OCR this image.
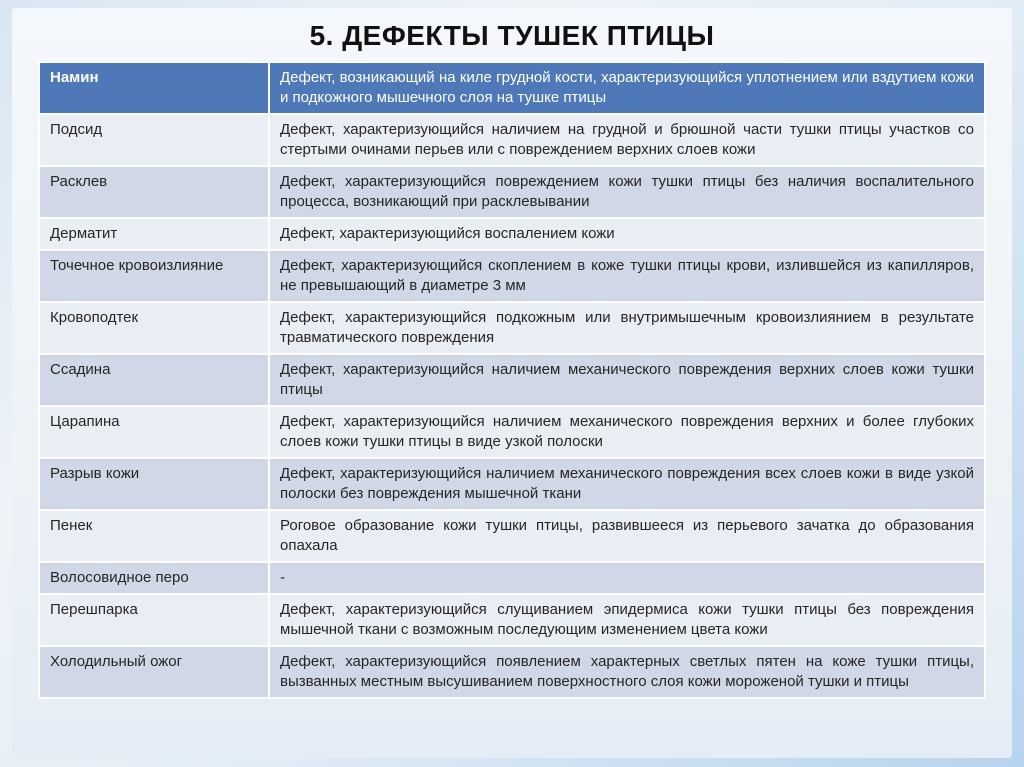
5. ДЕФЕКТЫ ТУШЕК ПТИЦЫ
Намин	Дефект, возникающий на киле грудной кости, характеризующийся уплотнением или вздутием кожи и подкожного мышечного слоя на тушке птицы
Подсид	Дефект, характеризующийся наличием на грудной и брюшной части тушки птицы участков со стертыми очинами перьев или с повреждением верхних слоев кожи
Расклев	Дефект, характеризующийся повреждением кожи тушки птицы без наличия воспалительного процесса, возникающий при расклевывании
Дерматит	Дефект, характеризующийся воспалением кожи
Точечное кровоизлияние	Дефект, характеризующийся скоплением в коже тушки птицы крови, излившейся из капилляров, не превышающий в диаметре 3 мм
Кровоподтек	Дефект, характеризующийся подкожным или внутримышечным кровоизлиянием в результате травматического повреждения
Ссадина	Дефект, характеризующийся наличием механического повреждения верхних слоев кожи тушки птицы
Царапина	Дефект, характеризующийся наличием механического повреждения верхних и более глубоких слоев кожи тушки птицы в виде узкой полоски
Разрыв кожи	Дефект, характеризующийся наличием механического повреждения всех слоев кожи в виде узкой полоски без повреждения мышечной ткани
Пенек	Роговое образование кожи тушки птицы, развившееся из перьевого зачатка до образования опахала
Волосовидное перо	-
Перешпарка	Дефект, характеризующийся слущиванием эпидермиса кожи тушки птицы без повреждения мышечной ткани с возможным последующим изменением цвета кожи
Холодильный ожог	Дефект, характеризующийся появлением характерных светлых пятен на коже тушки птицы, вызванных местным высушиванием поверхностного слоя кожи мороженой тушки и птицы
